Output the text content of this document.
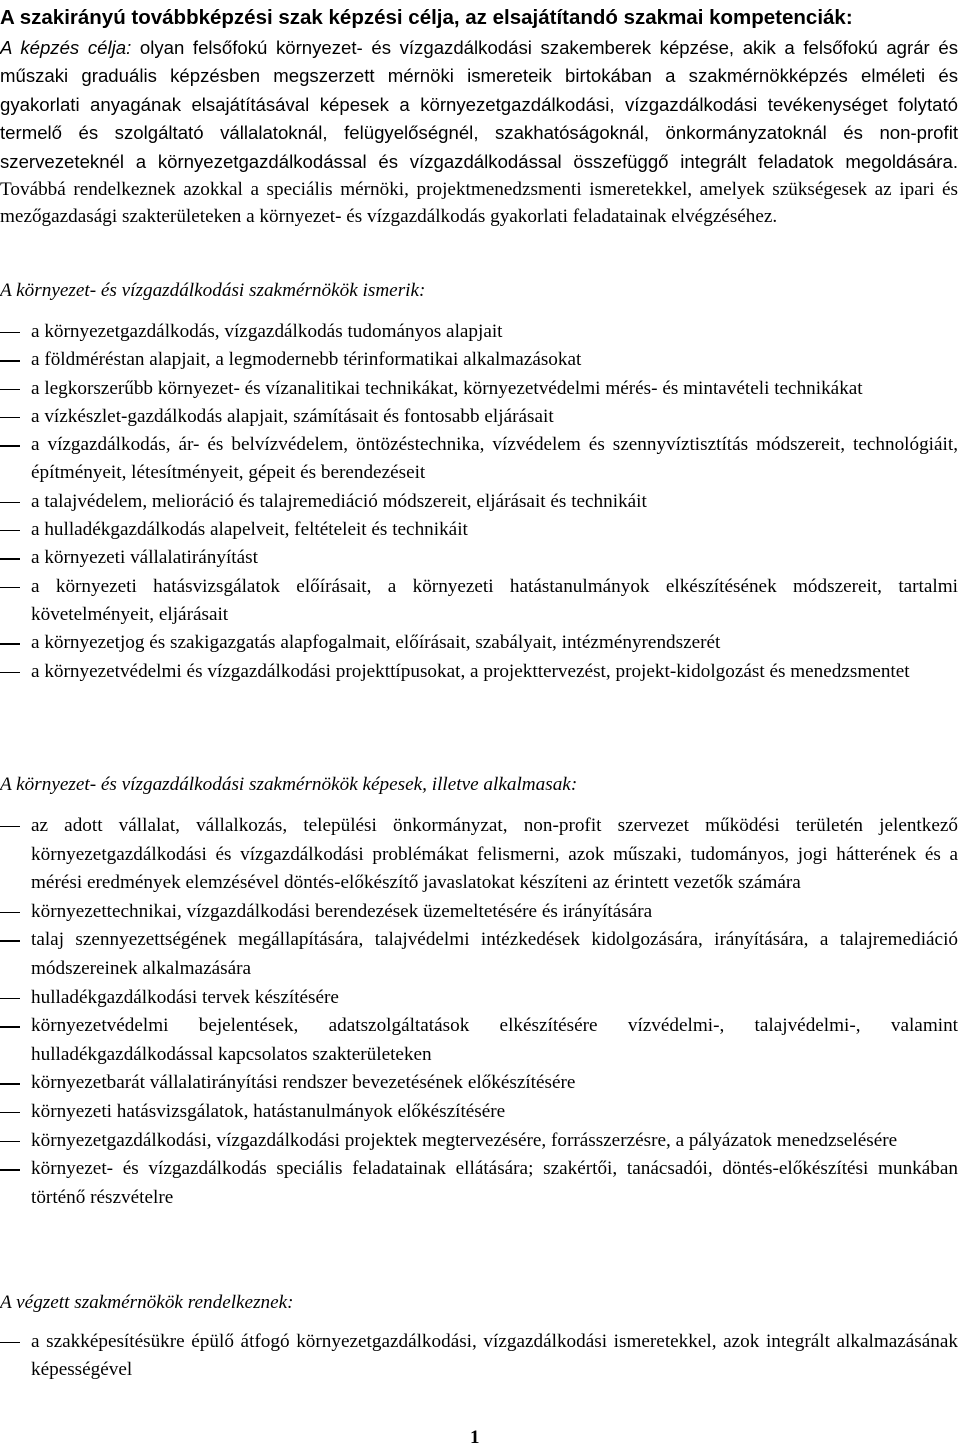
A szakirányú továbbképzési szak képzési célja, az elsajátítandó szakmai kompetenciák:
A képzés célja: olyan felsőfokú környezet- és vízgazdálkodási szakemberek képzése, akik a felsőfokú agrár és műszaki graduális képzésben megszerzett mérnöki ismereteik birtokában a szakmérnökképzés elméleti és gyakorlati anyagának elsajátításával képesek a környezetgazdálkodási, vízgazdálkodási tevékenységet folytató termelő és szolgáltató vállalatoknál, felügyelőségnél, szakhatóságoknál, önkormányzatoknál és non-profit szervezeteknél a környezetgazdálkodással és vízgazdálkodással összefüggő integrált feladatok megoldására. Továbbá rendelkeznek azokkal a speciális mérnöki, projektmenedzsmenti ismeretekkel, amelyek szükségesek az ipari és mezőgazdasági szakterületeken a környezet- és vízgazdálkodás gyakorlati feladatainak elvégzéséhez.
A környezet- és vízgazdálkodási szakmérnökök ismerik:
a környezetgazdálkodás, vízgazdálkodás tudományos alapjait
a földméréstan alapjait, a legmodernebb térinformatikai alkalmazásokat
a legkorszerűbb környezet- és vízanalitikai technikákat, környezetvédelmi mérés- és mintavételi technikákat
a vízkészlet-gazdálkodás alapjait, számításait és fontosabb eljárásait
a vízgazdálkodás, ár- és belvízvédelem, öntözéstechnika, vízvédelem és szennyvíztisztítás módszereit, technológiáit, építményeit, létesítményeit, gépeit és berendezéseit
a talajvédelem, melioráció és talajremediáció módszereit, eljárásait és technikáit
a hulladékgazdálkodás alapelveit, feltételeit és technikáit
a környezeti vállalatirányítást
a környezeti hatásvizsgálatok előírásait, a környezeti hatástanulmányok elkészítésének módszereit, tartalmi követelményeit, eljárásait
a környezetjog és szakigazgatás alapfogalmait, előírásait, szabályait, intézményrendszerét
a környezetvédelmi és vízgazdálkodási projekttípusokat, a projekttervezést, projekt-kidolgozást és menedzsmentet
A környezet- és vízgazdálkodási szakmérnökök képesek, illetve alkalmasak:
az adott vállalat, vállalkozás, települési önkormányzat, non-profit szervezet működési területén jelentkező környezetgazdálkodási és vízgazdálkodási problémákat felismerni, azok műszaki, tudományos, jogi hátterének és a mérési eredmények elemzésével döntés-előkészítő javaslatokat készíteni az érintett vezetők számára
környezettechnikai, vízgazdálkodási berendezések üzemeltetésére és irányítására
talaj szennyezettségének megállapítására, talajvédelmi intézkedések kidolgozására, irányítására, a talajremediáció módszereinek alkalmazására
hulladékgazdálkodási tervek készítésére
környezetvédelmi bejelentések, adatszolgáltatások elkészítésére vízvédelmi-, talajvédelmi-, valamint hulladékgazdálkodással kapcsolatos szakterületeken
környezetbarát vállalatirányítási rendszer bevezetésének előkészítésére
környezeti hatásvizsgálatok, hatástanulmányok előkészítésére
környezetgazdálkodási, vízgazdálkodási projektek megtervezésére, forrásszerzésre, a pályázatok menedzselésére
környezet- és vízgazdálkodás speciális feladatainak ellátására; szakértői, tanácsadói, döntés-előkészítési munkában történő részvételre
A végzett szakmérnökök rendelkeznek:
a szakképesítésükre épülő átfogó környezetgazdálkodási, vízgazdálkodási ismeretekkel, azok integrált alkalmazásának képességével
1
